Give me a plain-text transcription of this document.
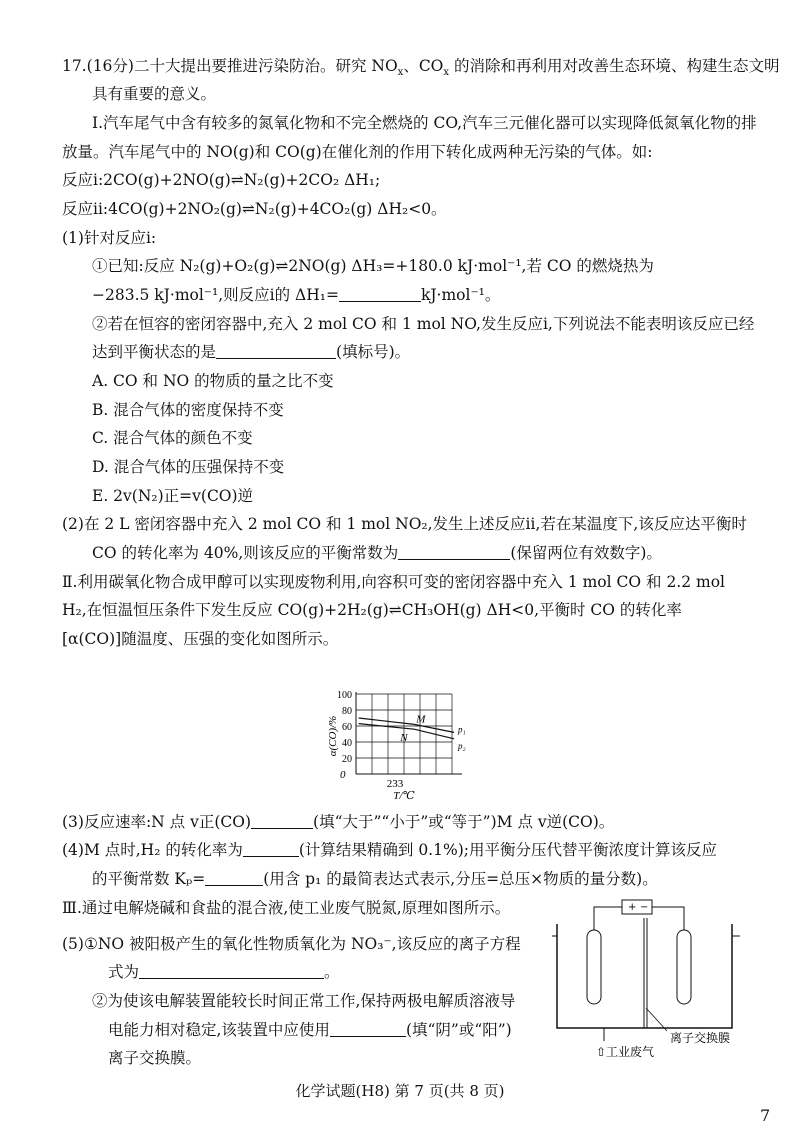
17.(16分)二十大提出要推进污染防治。研究 $NO_x$、$CO_x$ 的消除和再利用对改善生态环境、构建生态文明
具有重要的意义。
Ⅰ.汽车尾气中含有较多的氮氧化物和不完全燃烧的 CO,汽车三元催化器可以实现降低氮氧化物的排
放量。汽车尾气中的 NO(g)和 CO(g)在催化剂的作用下转化成两种无污染的气体。如:
反应ⅰ:2CO(g)+2NO(g)⇌N₂(g)+2CO₂ ΔH₁;
反应ⅱ:4CO(g)+2NO₂(g)⇌N₂(g)+4CO₂(g) ΔH₂<0。
(1)针对反应ⅰ:
①已知:反应 N₂(g)+O₂(g)⇌2NO(g) ΔH₃=+180.0 kJ·mol⁻¹,若 CO 的燃烧热为
−283.5 kJ·mol⁻¹,则反应ⅰ的 ΔH₁=	kJ·mol⁻¹。
②若在恒容的密闭容器中,充入 2 mol CO 和 1 mol NO,发生反应ⅰ,下列说法不能表明该反应已经
达到平衡状态的是	(填标号)。
A. CO 和 NO 的物质的量之比不变
B. 混合气体的密度保持不变
C. 混合气体的颜色不变
D. 混合气体的压强保持不变
E. 2v(N₂)正=v(CO)逆
(2)在 2 L 密闭容器中充入 2 mol CO 和 1 mol NO₂,发生上述反应ⅱ,若在某温度下,该反应达平衡时
CO 的转化率为 40%,则该反应的平衡常数为	(保留两位有效数字)。
Ⅱ.利用碳氧化物合成甲醇可以实现废物利用,向容积可变的密闭容器中充入 1 mol CO 和 2.2 mol
H₂,在恒温恒压条件下发生反应 CO(g)+2H₂(g)⇌CH₃OH(g) ΔH<0,平衡时 CO 的转化率
[α(CO)]随温度、压强的变化如图所示。
α(CO)/%
100
80
60
40
20
p₁
p₂
M
N
0
233
T/℃
(3)反应速率:N 点 v正(CO)	(填“大于”“小于”或“等于”)M 点 v逆(CO)。
(4)M 点时,H₂ 的转化率为	(计算结果精确到 0.1%);用平衡分压代替平衡浓度计算该反应
的平衡常数 Kₚ=	(用含 p₁ 的最简表达式表示,分压=总压×物质的量分数)。
Ⅲ.通过电解烧碱和食盐的混合液,使工业废气脱氮,原理如图所示。
(5)①NO 被阳极产生的氧化性物质氧化为 NO₃⁻,该反应的离子方程
式为	。
②为使该电解装置能较长时间正常工作,保持两极电解质溶液导
电能力相对稳定,该装置中应使用	(填“阴”或“阳”)
离子交换膜。
+ −
⇧工业废气
离子交换膜
化学试题(H8) 第 7 页(共 8 页)
7
